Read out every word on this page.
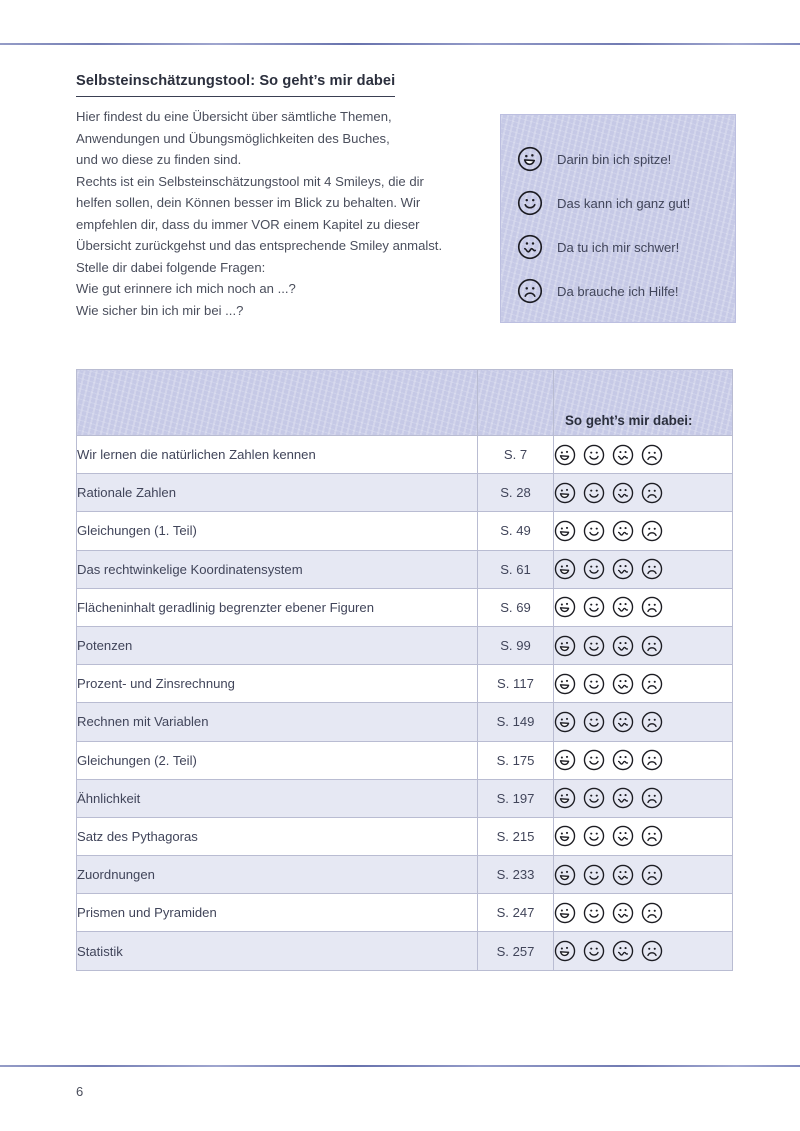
Selbsteinschätzungstool: So geht’s mir dabei
Hier findest du eine Übersicht über sämtliche Themen,
Anwendungen und Übungsmöglichkeiten des Buches,
und wo diese zu finden sind.
Rechts ist ein Selbsteinschätzungstool mit 4 Smileys, die dir
helfen sollen, dein Können besser im Blick zu behalten. Wir
empfehlen dir, dass du immer VOR einem Kapitel zu dieser
Übersicht zurückgehst und das entsprechende Smiley anmalst.
Stelle dir dabei folgende Fragen:
Wie gut erinnere ich mich noch an ...?
Wie sicher bin ich mir bei ...?
Darin bin ich spitze!
Das kann ich ganz gut!
Da tu ich mir schwer!
Da brauche ich Hilfe!
		So geht’s mir dabei:
Wir lernen die natürlichen Zahlen kennen	S. 7	

Rationale Zahlen	S. 28	

Gleichungen (1. Teil)	S. 49	

Das rechtwinkelige Koordinatensystem	S. 61	

Flächeninhalt geradlinig begrenzter ebener Figuren	S. 69	

Potenzen	S. 99	

Prozent- und Zinsrechnung	S. 117	

Rechnen mit Variablen	S. 149	

Gleichungen (2. Teil)	S. 175	

Ähnlichkeit	S. 197	

Satz des Pythagoras	S. 215	

Zuordnungen	S. 233	

Prismen und Pyramiden	S. 247	

Statistik	S. 257	
6
